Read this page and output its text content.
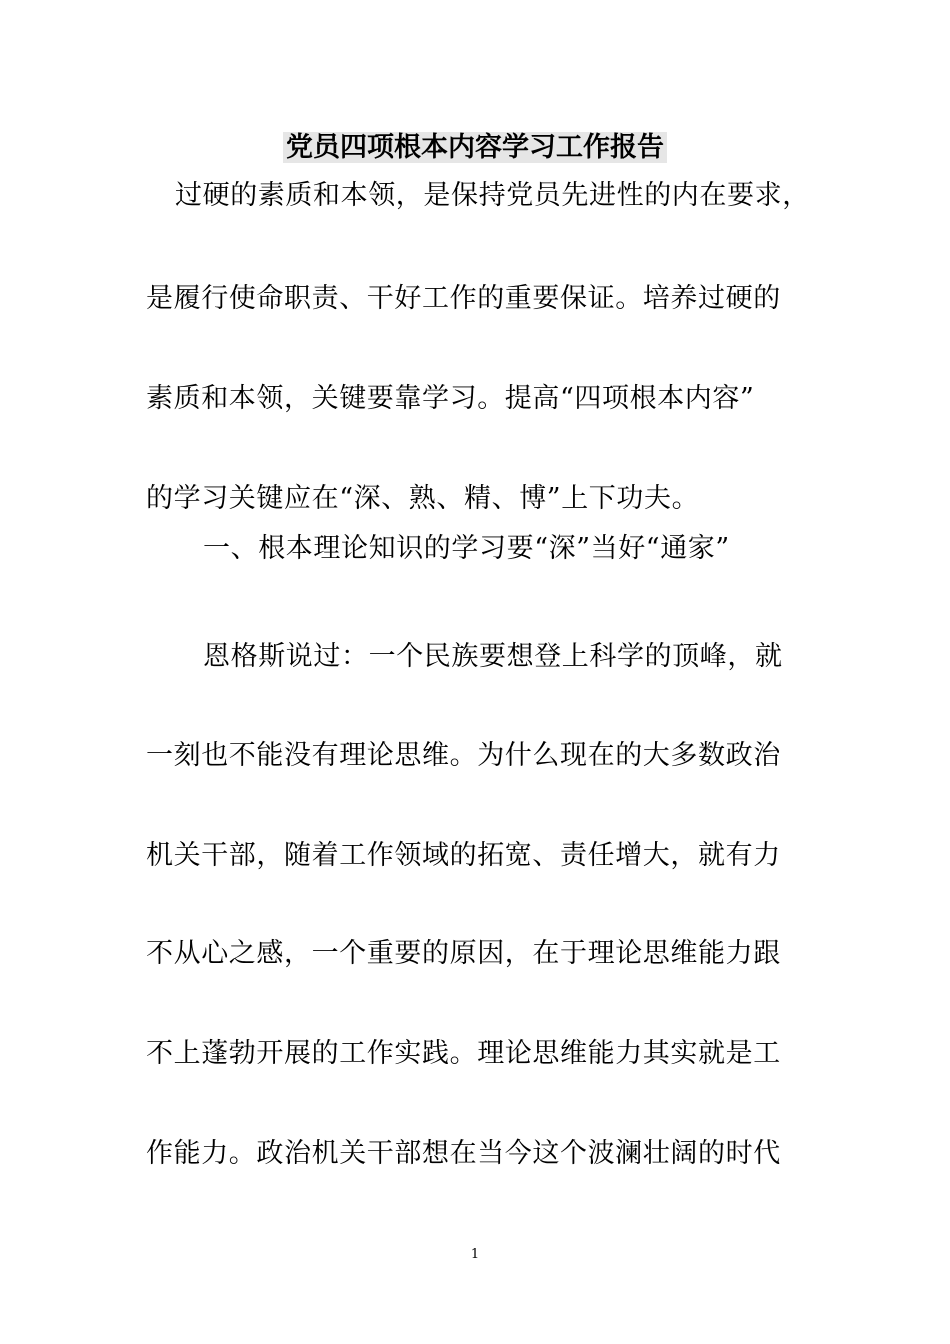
党员四项根本内容学习工作报告
过硬的素质和本领，是保持党员先进性的内在要求，
是履行使命职责、干好工作的重要保证。培养过硬的
素质和本领，关键要靠学习。提高“四项根本内容”
的学习关键应在“深、熟、精、博”上下功夫。
一、根本理论知识的学习要“深”当好“通家”
恩格斯说过：一个民族要想登上科学的顶峰，就
一刻也不能没有理论思维。为什么现在的大多数政治
机关干部，随着工作领域的拓宽、责任增大，就有力
不从心之感，一个重要的原因，在于理论思维能力跟
不上蓬勃开展的工作实践。理论思维能力其实就是工
作能力。政治机关干部想在当今这个波澜壮阔的时代
1
